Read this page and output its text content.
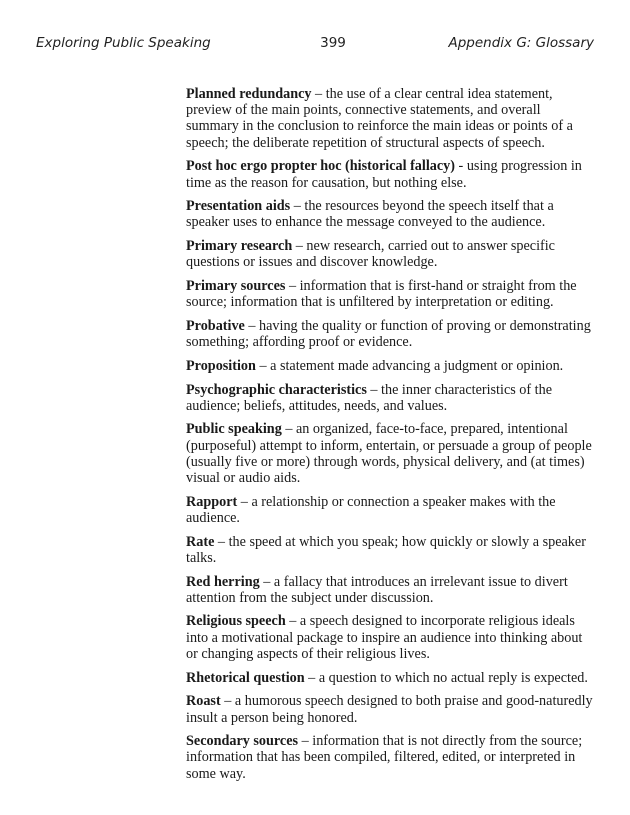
Exploring Public Speaking	399	Appendix G: Glossary

Planned redundancy – the use of a clear central idea statement, preview of the main points, connective statements, and overall summary in the conclusion to reinforce the main ideas or points of a speech; the deliberate repetition of structural aspects of speech.

Post hoc ergo propter hoc (historical fallacy) - using progression in time as the reason for causation, but nothing else.

Presentation aids – the resources beyond the speech itself that a speaker uses to enhance the message conveyed to the audience.

Primary research – new research, carried out to answer specific questions or issues and discover knowledge.

Primary sources – information that is first-hand or straight from the source; information that is unfiltered by interpretation or editing.

Probative – having the quality or function of proving or demonstrating something; affording proof or evidence.

Proposition – a statement made advancing a judgment or opinion.

Psychographic characteristics – the inner characteristics of the audience; beliefs, attitudes, needs, and values.

Public speaking – an organized, face-to-face, prepared, intentional (purposeful) attempt to inform, entertain, or persuade a group of people (usually five or more) through words, physical delivery, and (at times) visual or audio aids.

Rapport – a relationship or connection a speaker makes with the audience.

Rate – the speed at which you speak; how quickly or slowly a speaker talks.

Red herring – a fallacy that introduces an irrelevant issue to divert attention from the subject under discussion.

Religious speech – a speech designed to incorporate religious ideals into a motivational package to inspire an audience into thinking about or changing aspects of their religious lives.

Rhetorical question – a question to which no actual reply is expected.

Roast – a humorous speech designed to both praise and good-naturedly insult a person being honored.

Secondary sources – information that is not directly from the source; information that has been compiled, filtered, edited, or interpreted in some way.
